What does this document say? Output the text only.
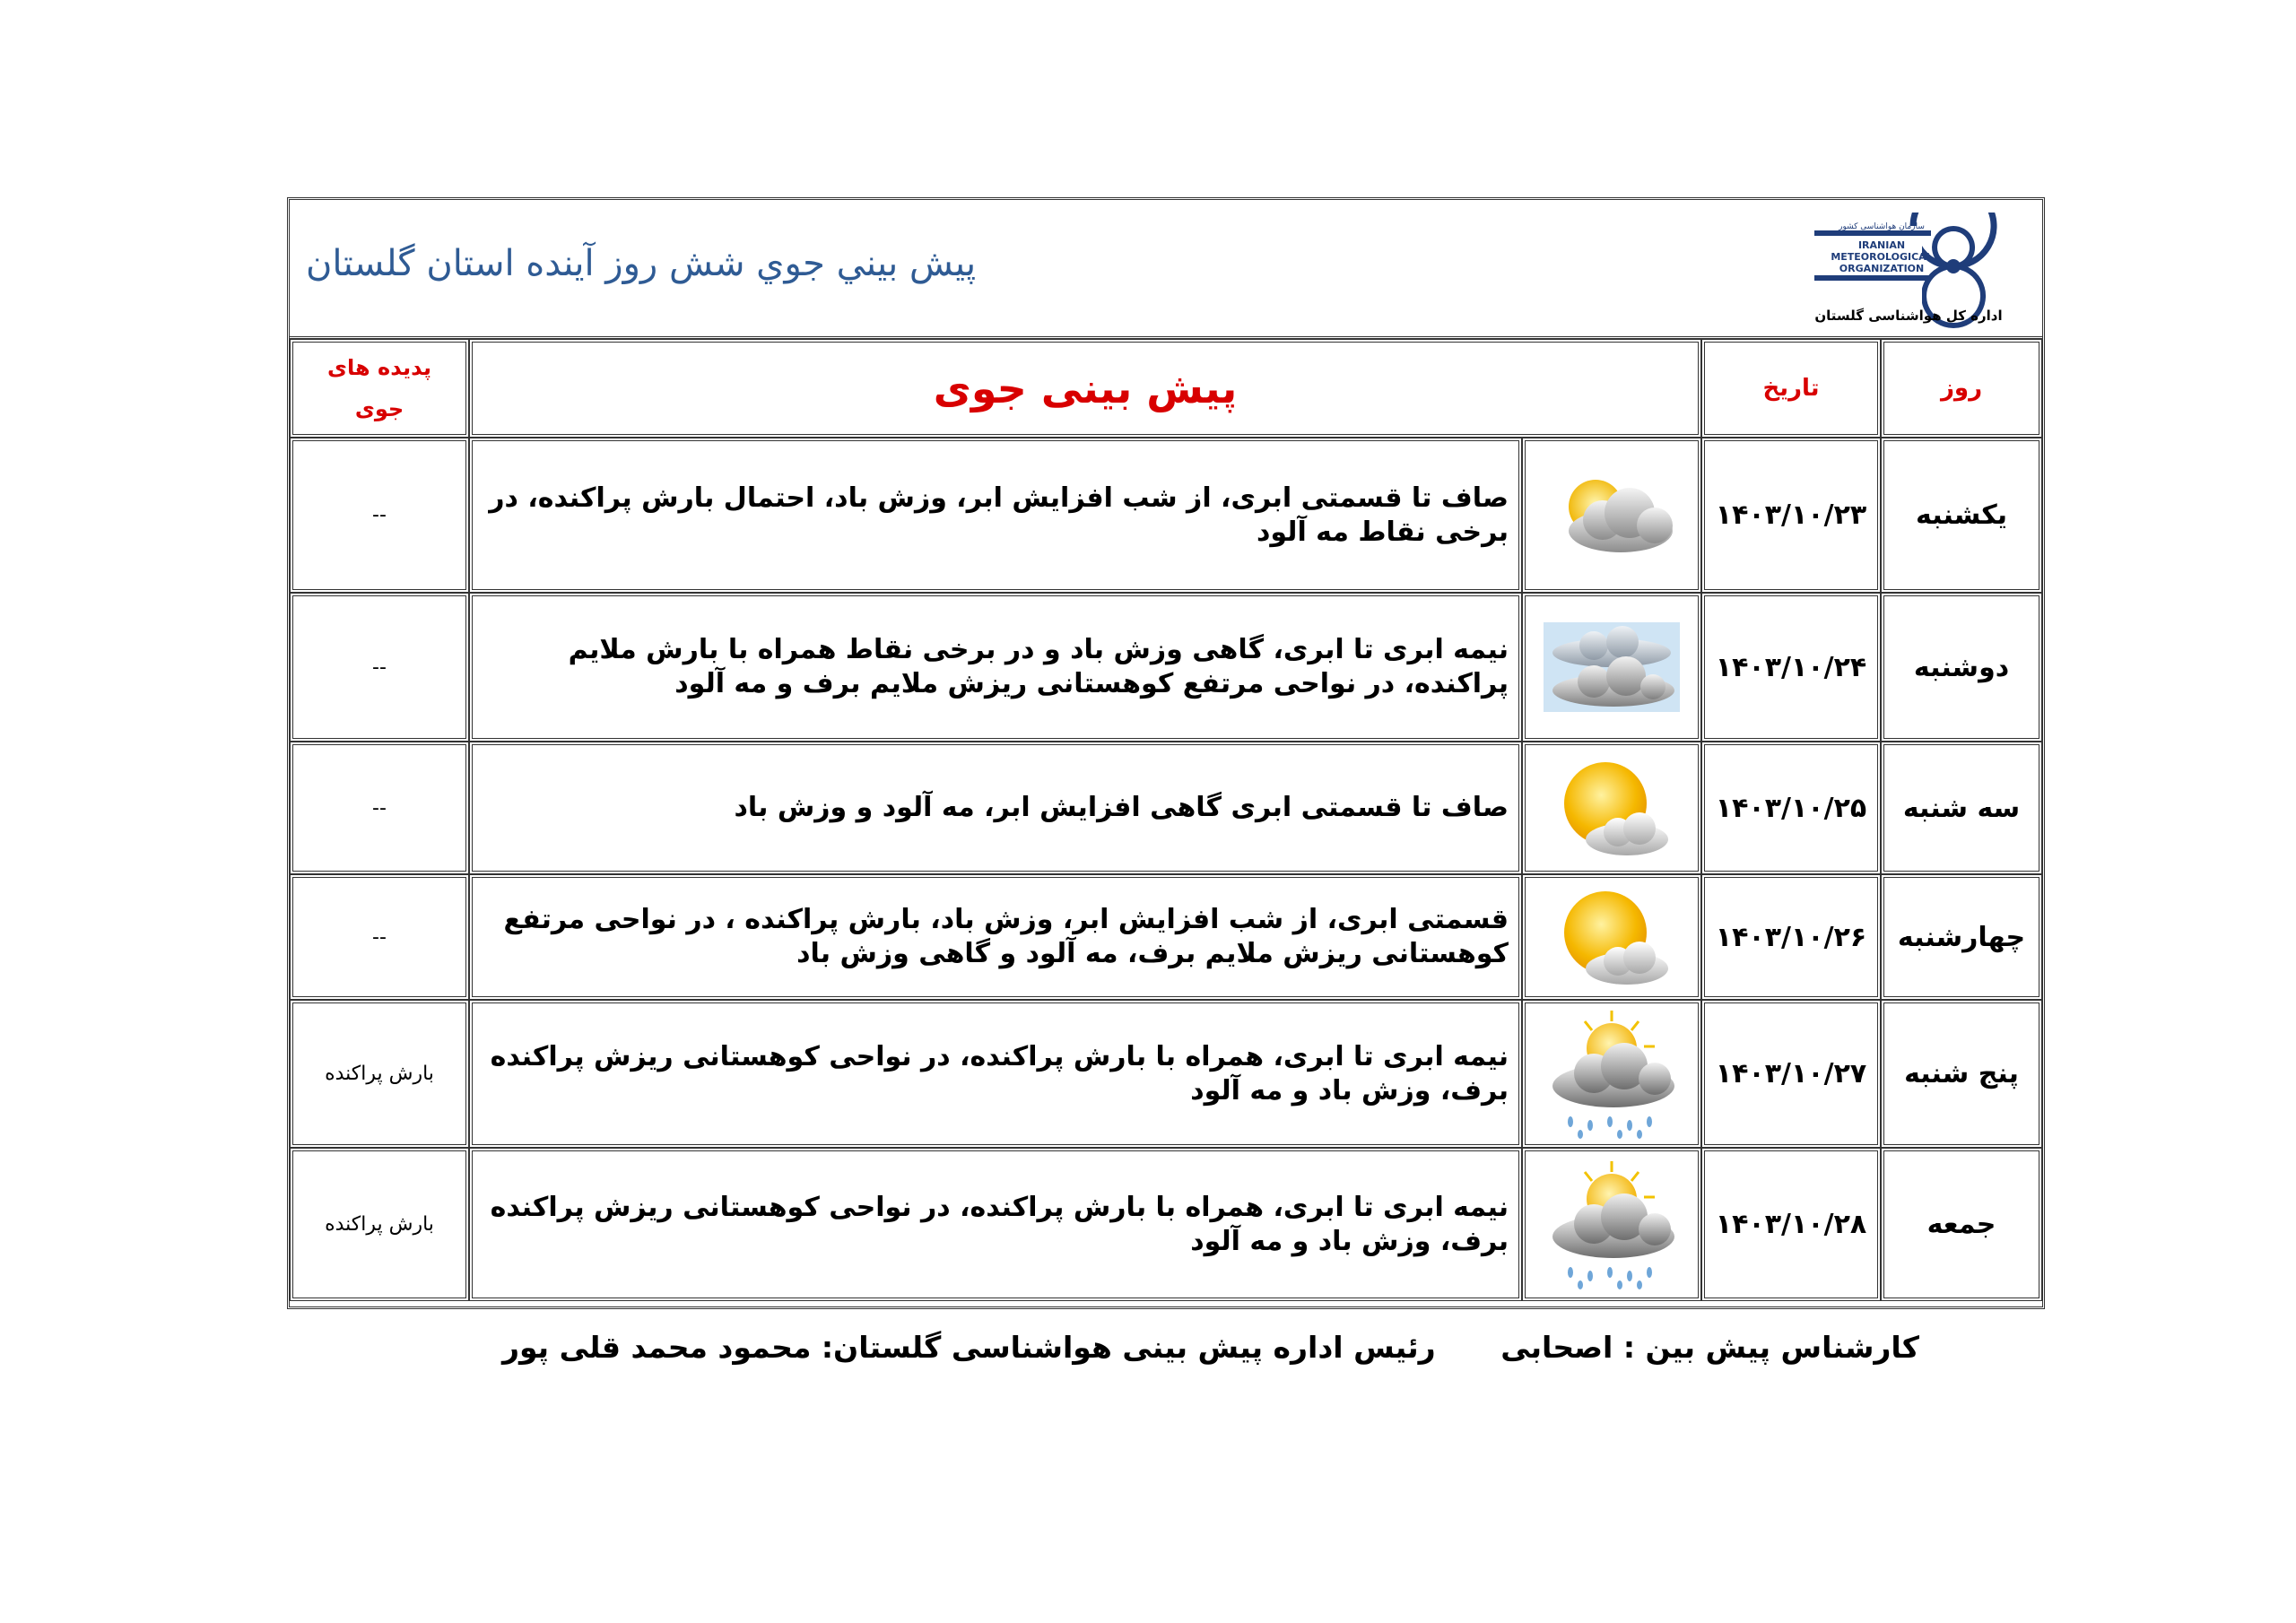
پيش بيني جوي شش روز آينده استان گلستان
سازمان هواشناسی کشور
IRANIAN
METEOROLOGICAL
ORGANIZATION
اداره کل هواشناسی گلستان
روز	تاريخ	پیش بینی جوی		پدیده های
جوی
یکشنبه	۱۴۰۳/۱۰/۲۳		صاف تا قسمتی ابری، از شب افزایش ابر، وزش باد، احتمال بارش پراکنده، در برخی نقاط مه آلود	--
دوشنبه	۱۴۰۳/۱۰/۲۴		نیمه ابری تا ابری، گاهی وزش باد و در برخی نقاط همراه با بارش ملایم پراکنده، در نواحی مرتفع کوهستانی ریزش ملایم برف و مه آلود	--
سه شنبه	۱۴۰۳/۱۰/۲۵		صاف تا قسمتی ابری گاهی افزایش ابر، مه آلود و وزش باد	--
چهارشنبه	۱۴۰۳/۱۰/۲۶		قسمتی ابری، از شب افزایش ابر، وزش باد، بارش پراکنده ، در نواحی مرتفع کوهستانی ریزش ملایم برف، مه آلود و گاهی وزش باد	--
پنج شنبه	۱۴۰۳/۱۰/۲۷		نیمه ابری تا ابری، همراه با بارش پراکنده، در نواحی کوهستانی ریزش پراکنده برف، وزش باد و مه آلود	بارش پراکنده
جمعه	۱۴۰۳/۱۰/۲۸		نیمه ابری تا ابری، همراه با بارش پراکنده، در نواحی کوهستانی ریزش پراکنده برف، وزش باد و مه آلود	بارش پراکنده
کارشناس پیش بین : اصحابی
رئیس اداره پیش بینی هواشناسی گلستان: محمود محمد قلی پور
